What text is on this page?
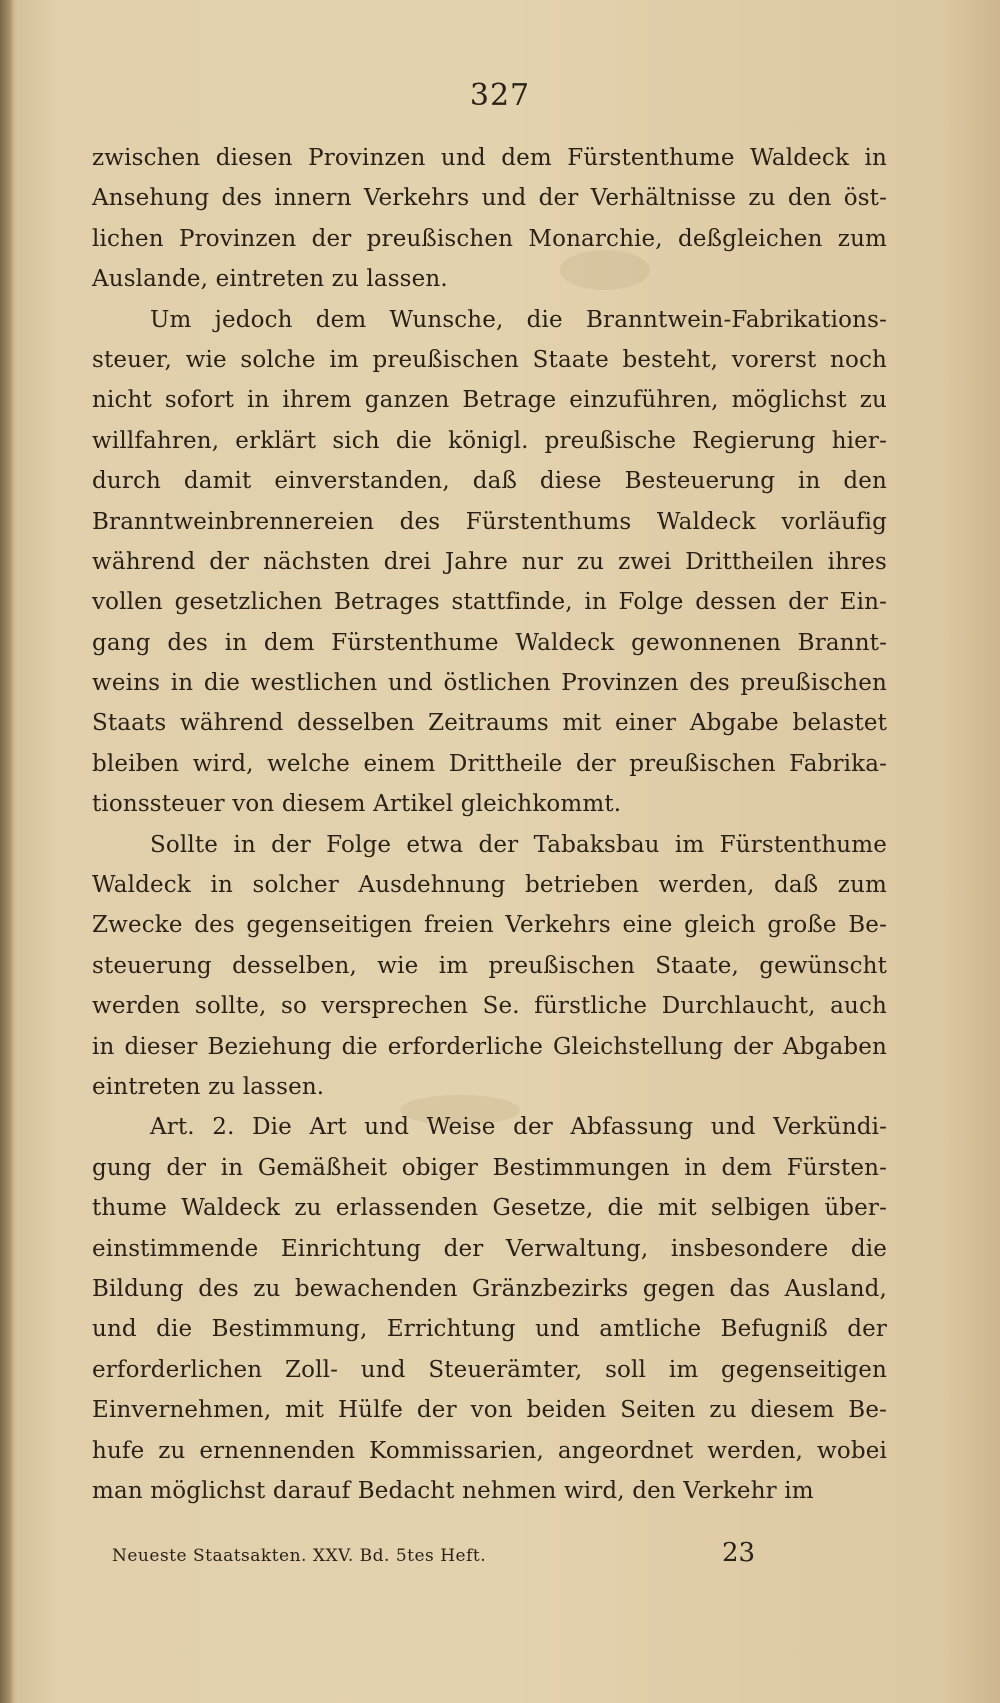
327
zwischen diesen Provinzen und dem Fürstenthume Waldeck in
Ansehung des innern Verkehrs und der Verhältnisse zu den öst-
lichen Provinzen der preußischen Monarchie, deßgleichen zum
Auslande, eintreten zu lassen.
Um jedoch dem Wunsche, die Branntwein-Fabrikations-
steuer, wie solche im preußischen Staate besteht, vorerst noch
nicht sofort in ihrem ganzen Betrage einzuführen, möglichst zu
willfahren, erklärt sich die königl. preußische Regierung hier-
durch damit einverstanden, daß diese Besteuerung in den
Branntweinbrennereien des Fürstenthums Waldeck vorläufig
während der nächsten drei Jahre nur zu zwei Drittheilen ihres
vollen gesetzlichen Betrages stattfinde, in Folge dessen der Ein-
gang des in dem Fürstenthume Waldeck gewonnenen Brannt-
weins in die westlichen und östlichen Provinzen des preußischen
Staats während desselben Zeitraums mit einer Abgabe belastet
bleiben wird, welche einem Drittheile der preußischen Fabrika-
tionssteuer von diesem Artikel gleichkommt.
Sollte in der Folge etwa der Tabaksbau im Fürstenthume
Waldeck in solcher Ausdehnung betrieben werden, daß zum
Zwecke des gegenseitigen freien Verkehrs eine gleich große Be-
steuerung desselben, wie im preußischen Staate, gewünscht
werden sollte, so versprechen Se. fürstliche Durchlaucht, auch
in dieser Beziehung die erforderliche Gleichstellung der Abgaben
eintreten zu lassen.
Art. 2. Die Art und Weise der Abfassung und Verkündi-
gung der in Gemäßheit obiger Bestimmungen in dem Fürsten-
thume Waldeck zu erlassenden Gesetze, die mit selbigen über-
einstimmende Einrichtung der Verwaltung, insbesondere die
Bildung des zu bewachenden Gränzbezirks gegen das Ausland,
und die Bestimmung, Errichtung und amtliche Befugniß der
erforderlichen Zoll- und Steuerämter, soll im gegenseitigen
Einvernehmen, mit Hülfe der von beiden Seiten zu diesem Be-
hufe zu ernennenden Kommissarien, angeordnet werden, wobei
man möglichst darauf Bedacht nehmen wird, den Verkehr im
Neueste Staatsakten. XXV. Bd. 5tes Heft.	23
